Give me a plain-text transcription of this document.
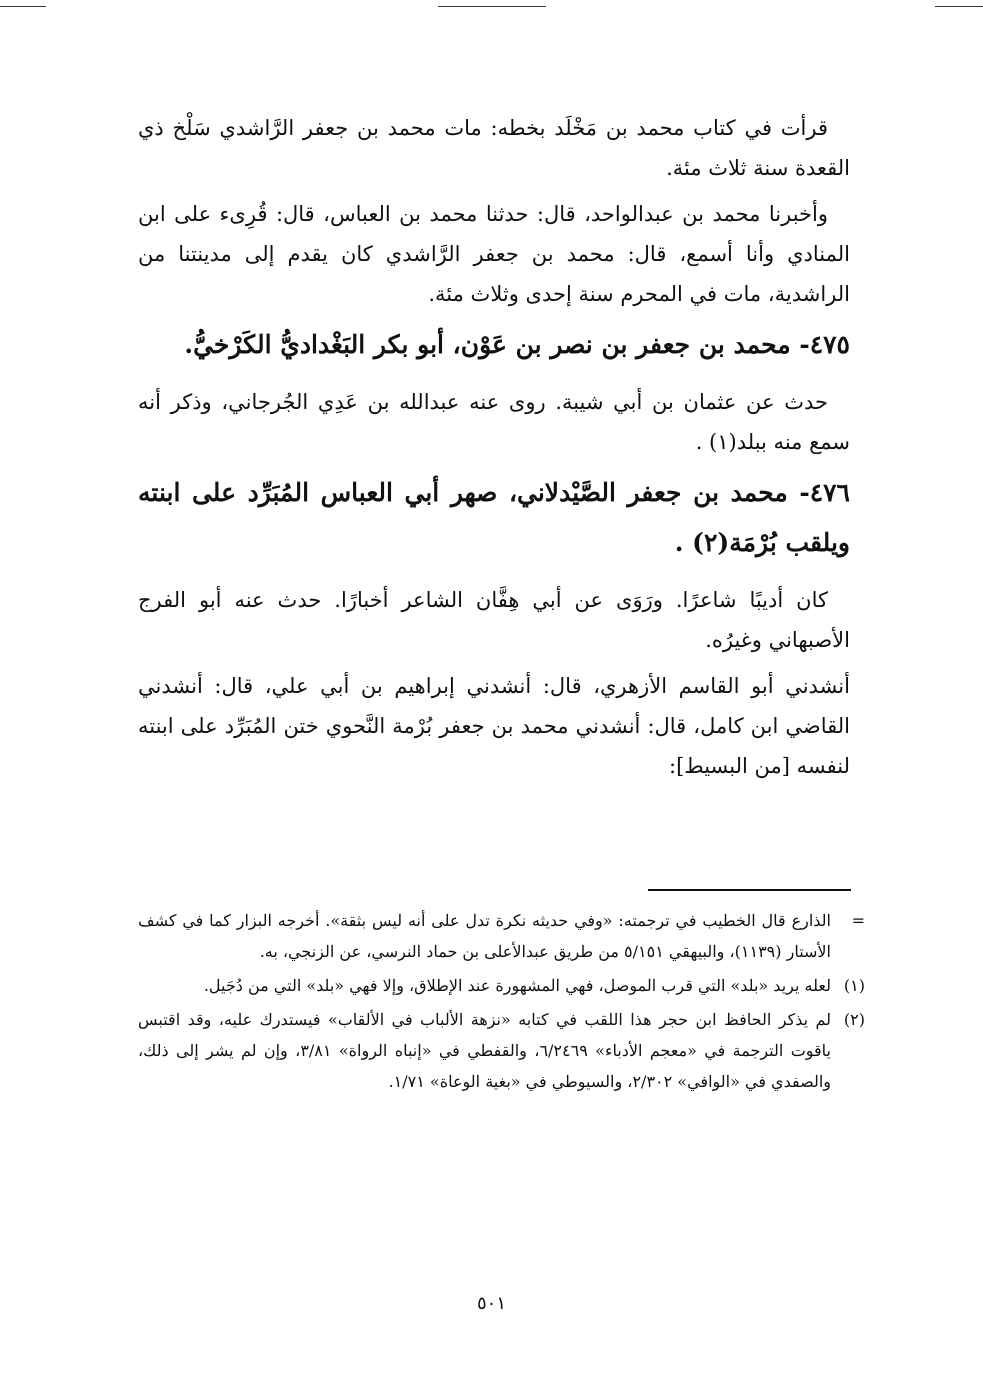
قرأت في كتاب محمد بن مَخْلَد بخطه: مات محمد بن جعفر الرَّاشدي سَلْخ ذي القعدة سنة ثلاث مئة.

وأخبرنا محمد بن عبدالواحد، قال: حدثنا محمد بن العباس، قال: قُرِىء على ابن المنادي وأنا أسمع، قال: محمد بن جعفر الرَّاشدي كان يقدم إلى مدينتنا من الراشدية، مات في المحرم سنة إحدى وثلاث مئة.

٤٧٥- محمد بن جعفر بن نصر بن عَوْن، أبو بكر البَغْداديُّ الكَرْخيُّ.

حدث عن عثمان بن أبي شيبة. روى عنه عبدالله بن عَدِي الجُرجاني، وذكر أنه سمع منه ببلد(١) .

٤٧٦- محمد بن جعفر الصَّيْدلاني، صهر أبي العباس المُبَرِّد على ابنته ويلقب بُرْمَة(٢) .

كان أديبًا شاعرًا. ورَوَى عن أبي هِفَّان الشاعر أخبارًا. حدث عنه أبو الفرج الأصبهاني وغيرُه.

أنشدني أبو القاسم الأزهري، قال: أنشدني إبراهيم بن أبي علي، قال: أنشدني القاضي ابن كامل، قال: أنشدني محمد بن جعفر بُرْمة النَّحوي ختن المُبَرِّد على ابنته لنفسه [من البسيط]:

=
الذارع قال الخطيب في ترجمته: «وفي حديثه نكرة تدل على أنه ليس بثقة». أخرجه البزار كما في كشف الأستار (١١٣٩)، والبيهقي ٥/١٥١ من طريق عبدالأعلى بن حماد النرسي، عن الزنجي، به.
(١)
لعله يريد «بلد» التي قرب الموصل، فهي المشهورة عند الإطلاق، وإلا فهي «بلد» التي من دُجَيل.
(٢)
لم يذكر الحافظ ابن حجر هذا اللقب في كتابه «نزهة الألباب في الألقاب» فيستدرك عليه، وقد اقتبس ياقوت الترجمة في «معجم الأدباء» ٦/٢٤٦٩، والقفطي في «إنباه الرواة» ٣/٨١، وإن لم يشر إلى ذلك، والصفدي في «الوافي» ٢/٣٠٢، والسيوطي في «بغية الوعاة» ١/٧١.
٥٠١
